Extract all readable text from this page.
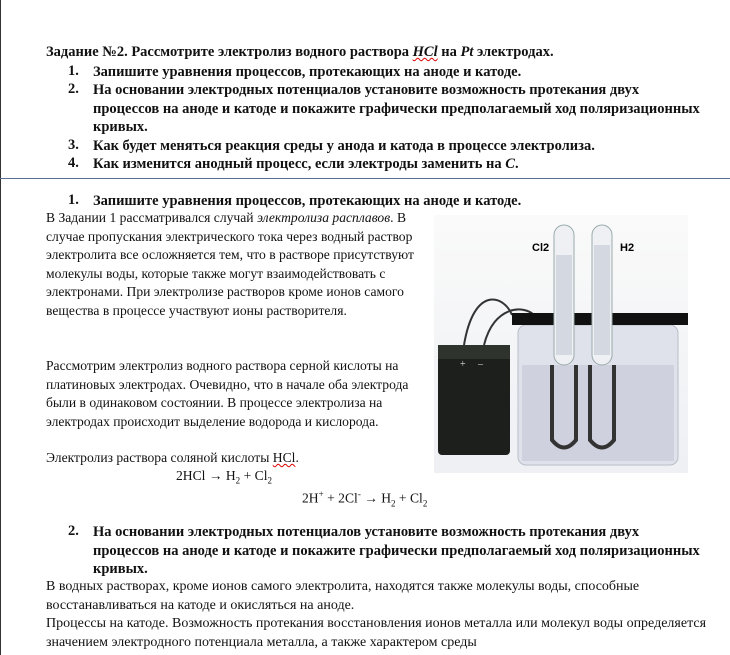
Задание №2. Рассмотрите электролиз водного раствора HCl на Pt электродах.
1. Запишите уравнения процессов, протекающих на аноде и катоде.
2. На основании электродных потенциалов установите возможность протекания двух процессов на аноде и катоде и покажите графически предполагаемый ход поляризационных кривых.
3. Как будет меняться реакция среды у анода и катода в процессе электролиза.
4. Как изменится анодный процесс, если электроды заменить на C.
1. Запишите уравнения процессов, протекающих на аноде и катоде.
В Задании 1 рассматривался случай электролиза расплавов. В случае пропускания электрического тока через водный раствор электролита все осложняется тем, что в растворе присутствуют молекулы воды, которые также могут взаимодействовать с электронами. При электролизе растворов кроме ионов самого вещества в процессе участвуют ионы растворителя.
Рассмотрим электролиз водного раствора серной кислоты на платиновых электродах. Очевидно, что в начале оба электрода были в одинаковом состоянии. В процессе электролиза на электродах происходит выделение водорода и кислорода.
Электролиз раствора соляной кислоты HCl.
$2HCl \to H_2 + Cl_2$
$2H^+ + 2Cl^- \to H_2 + Cl_2$
+ –
Cl2	H2
2. На основании электродных потенциалов установите возможность протекания двух процессов на аноде и катоде и покажите графически предполагаемый ход поляризационных кривых.
В водных растворах, кроме ионов самого электролита, находятся также молекулы воды, способные восстанавливаться на катоде и окисляться на аноде.
Процессы на катоде. Возможность протекания восстановления ионов металла или молекул воды определяется значением электродного потенциала металла, а также характером среды
